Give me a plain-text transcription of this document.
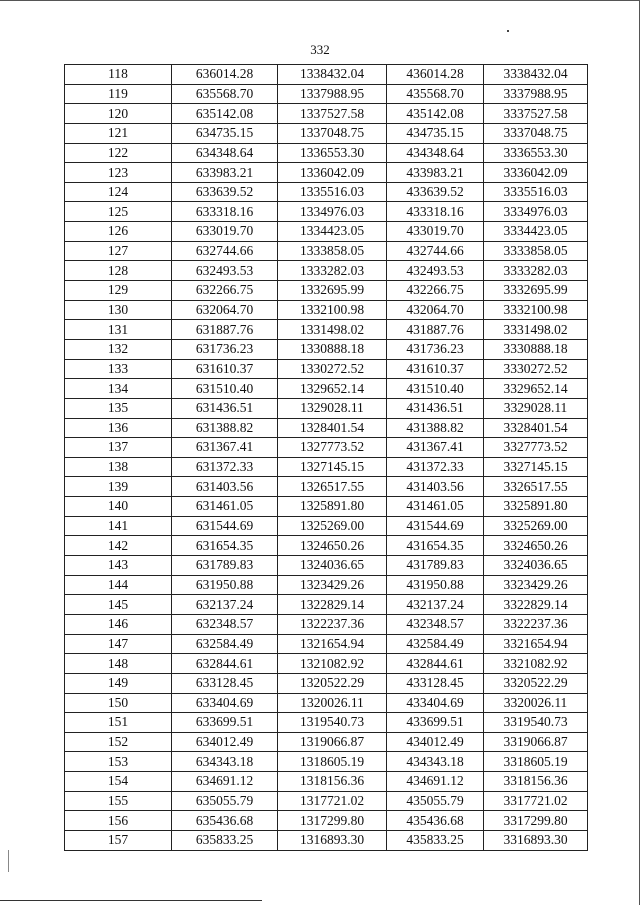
332
118	636014.28	1338432.04	436014.28	3338432.04
119	635568.70	1337988.95	435568.70	3337988.95
120	635142.08	1337527.58	435142.08	3337527.58
121	634735.15	1337048.75	434735.15	3337048.75
122	634348.64	1336553.30	434348.64	3336553.30
123	633983.21	1336042.09	433983.21	3336042.09
124	633639.52	1335516.03	433639.52	3335516.03
125	633318.16	1334976.03	433318.16	3334976.03
126	633019.70	1334423.05	433019.70	3334423.05
127	632744.66	1333858.05	432744.66	3333858.05
128	632493.53	1333282.03	432493.53	3333282.03
129	632266.75	1332695.99	432266.75	3332695.99
130	632064.70	1332100.98	432064.70	3332100.98
131	631887.76	1331498.02	431887.76	3331498.02
132	631736.23	1330888.18	431736.23	3330888.18
133	631610.37	1330272.52	431610.37	3330272.52
134	631510.40	1329652.14	431510.40	3329652.14
135	631436.51	1329028.11	431436.51	3329028.11
136	631388.82	1328401.54	431388.82	3328401.54
137	631367.41	1327773.52	431367.41	3327773.52
138	631372.33	1327145.15	431372.33	3327145.15
139	631403.56	1326517.55	431403.56	3326517.55
140	631461.05	1325891.80	431461.05	3325891.80
141	631544.69	1325269.00	431544.69	3325269.00
142	631654.35	1324650.26	431654.35	3324650.26
143	631789.83	1324036.65	431789.83	3324036.65
144	631950.88	1323429.26	431950.88	3323429.26
145	632137.24	1322829.14	432137.24	3322829.14
146	632348.57	1322237.36	432348.57	3322237.36
147	632584.49	1321654.94	432584.49	3321654.94
148	632844.61	1321082.92	432844.61	3321082.92
149	633128.45	1320522.29	433128.45	3320522.29
150	633404.69	1320026.11	433404.69	3320026.11
151	633699.51	1319540.73	433699.51	3319540.73
152	634012.49	1319066.87	434012.49	3319066.87
153	634343.18	1318605.19	434343.18	3318605.19
154	634691.12	1318156.36	434691.12	3318156.36
155	635055.79	1317721.02	435055.79	3317721.02
156	635436.68	1317299.80	435436.68	3317299.80
157	635833.25	1316893.30	435833.25	3316893.30
